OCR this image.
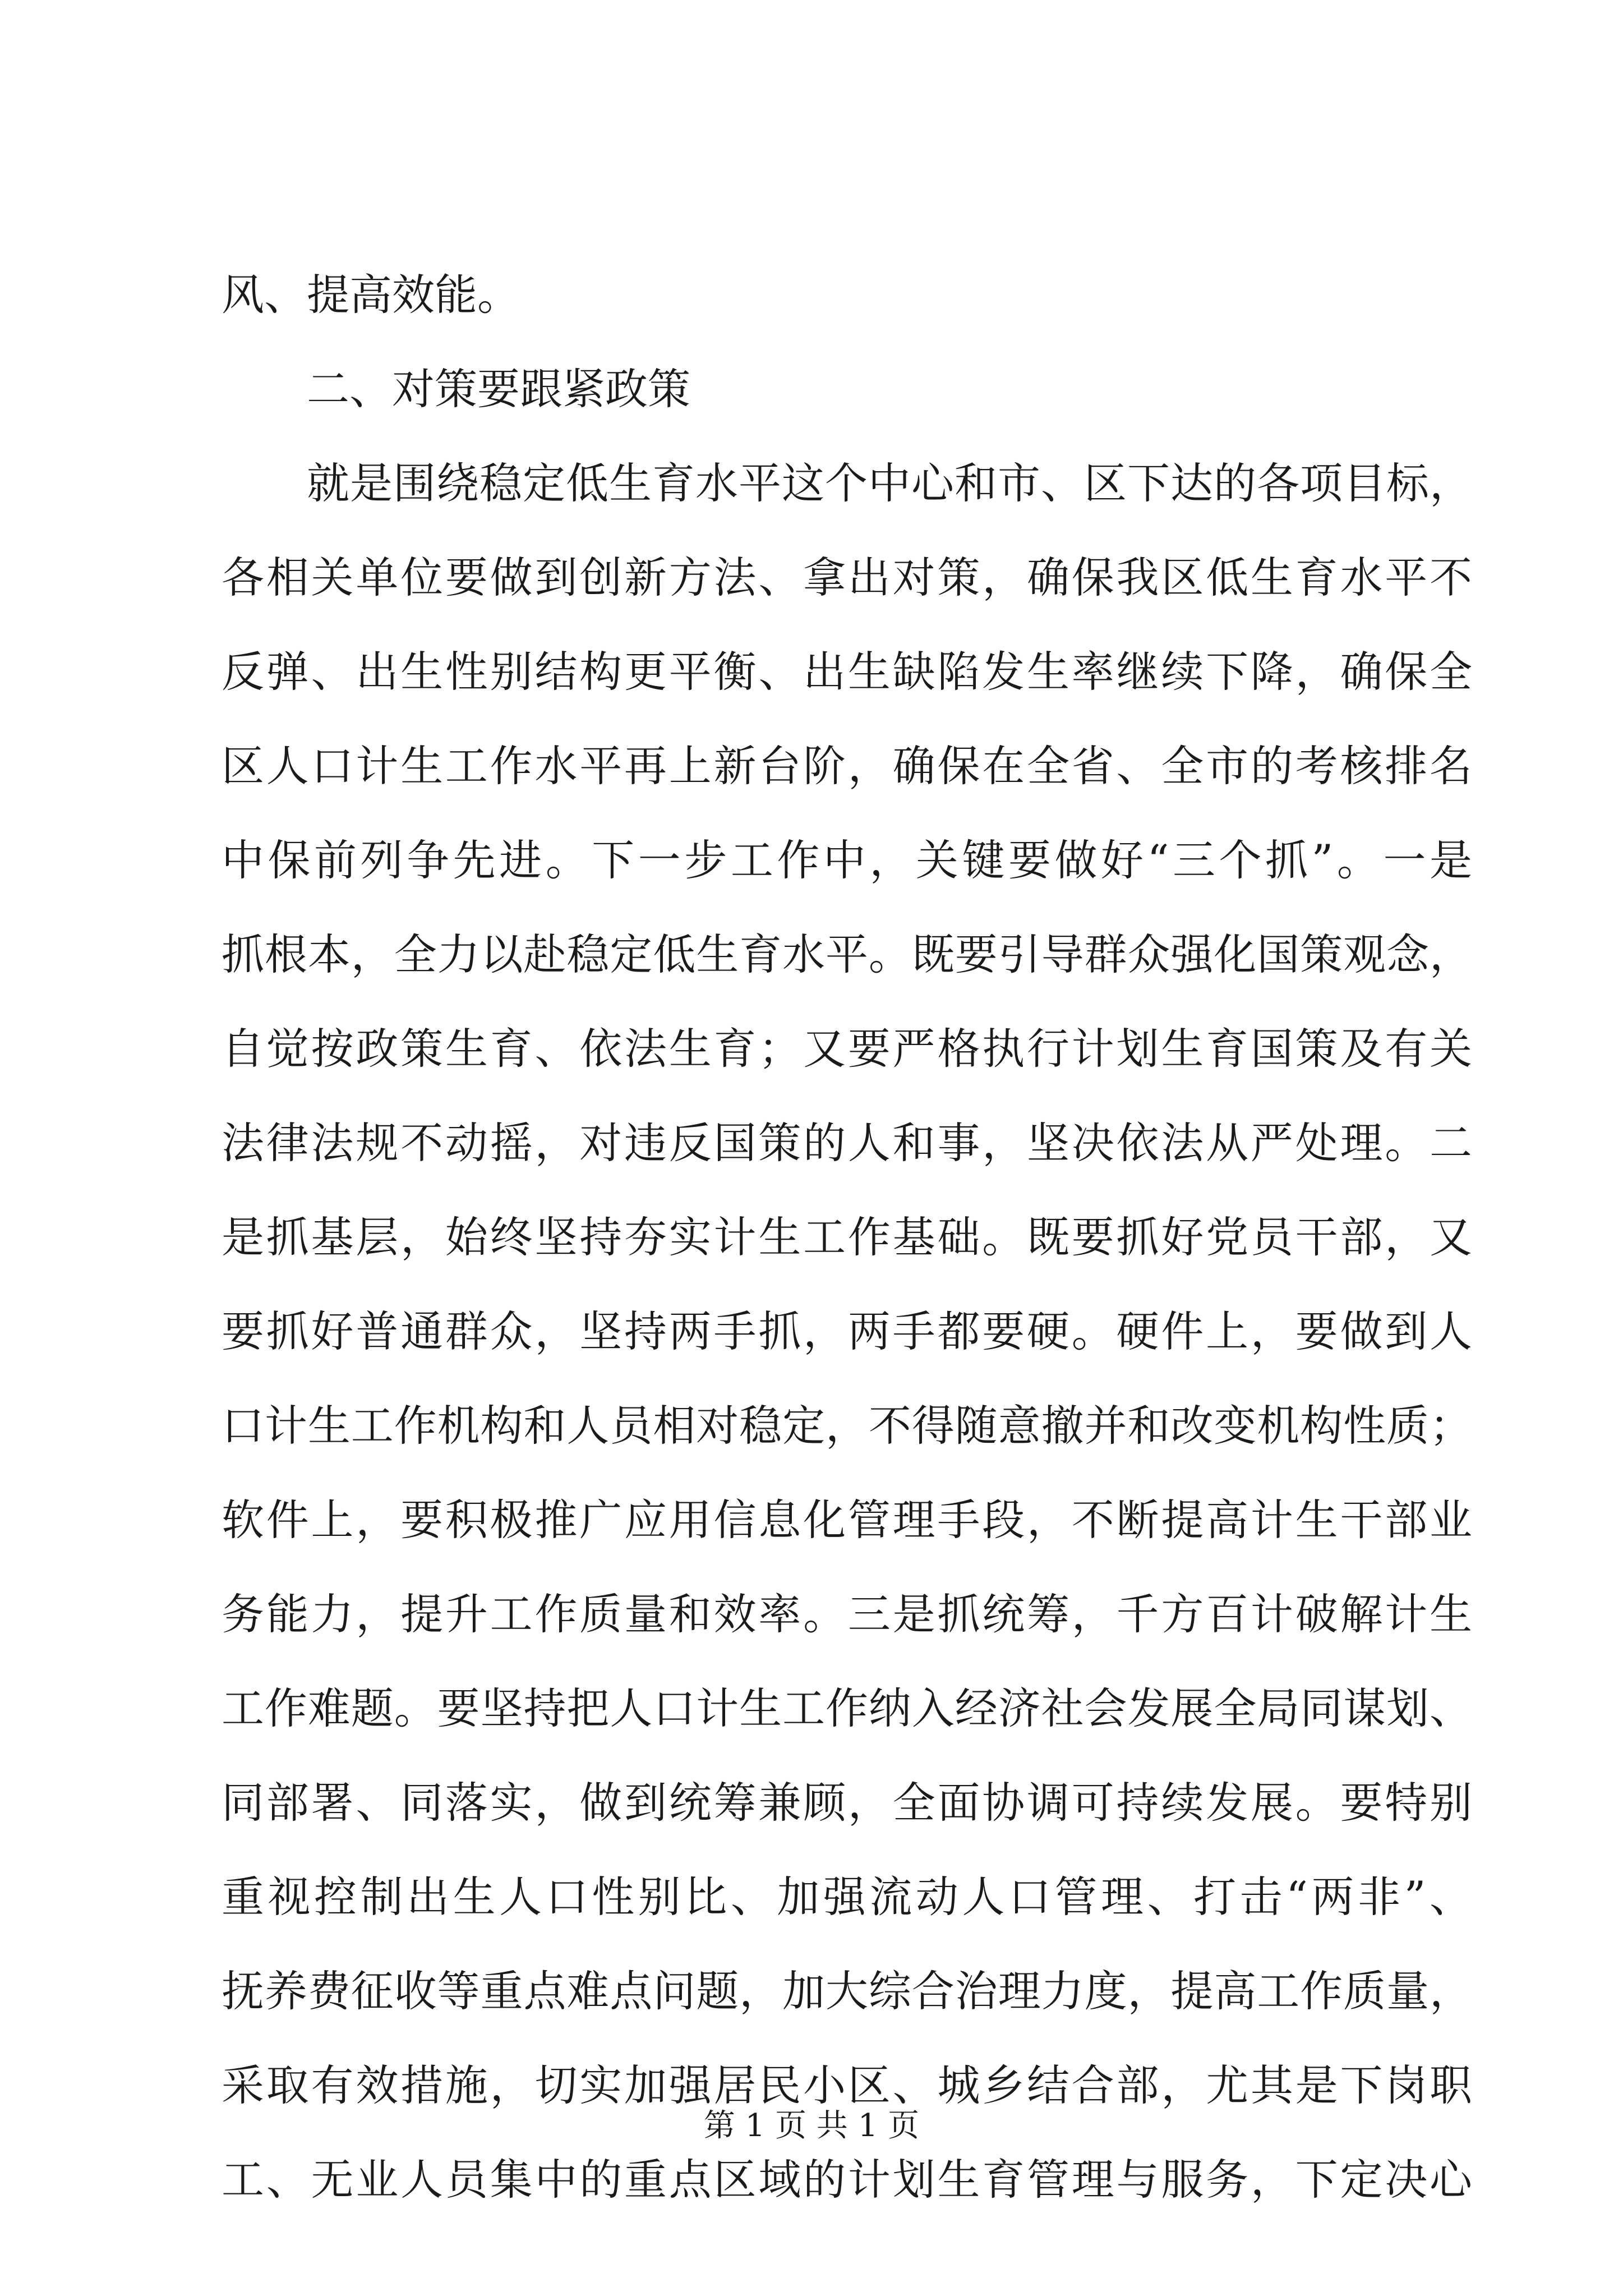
风、提高效能。
二、对策要跟紧政策
就是围绕稳定低生育水平这个中心和市、区下达的各项目标，
各相关单位要做到创新方法、拿出对策，确保我区低生育水平不
反弹、出生性别结构更平衡、出生缺陷发生率继续下降，确保全
区人口计生工作水平再上新台阶，确保在全省、全市的考核排名
中保前列争先进。下一步工作中，关键要做好“三个抓”。一是
抓根本，全力以赴稳定低生育水平。既要引导群众强化国策观念，
自觉按政策生育、依法生育；又要严格执行计划生育国策及有关
法律法规不动摇，对违反国策的人和事，坚决依法从严处理。二
是抓基层，始终坚持夯实计生工作基础。既要抓好党员干部，又
要抓好普通群众，坚持两手抓，两手都要硬。硬件上，要做到人
口计生工作机构和人员相对稳定，不得随意撤并和改变机构性质；
软件上，要积极推广应用信息化管理手段，不断提高计生干部业
务能力，提升工作质量和效率。三是抓统筹，千方百计破解计生
工作难题。要坚持把人口计生工作纳入经济社会发展全局同谋划、
同部署、同落实，做到统筹兼顾，全面协调可持续发展。要特别
重视控制出生人口性别比、加强流动人口管理、打击“两非”、
抚养费征收等重点难点问题，加大综合治理力度，提高工作质量，
采取有效措施，切实加强居民小区、城乡结合部，尤其是下岗职
工、无业人员集中的重点区域的计划生育管理与服务，下定决心
第 1 页 共 1 页
